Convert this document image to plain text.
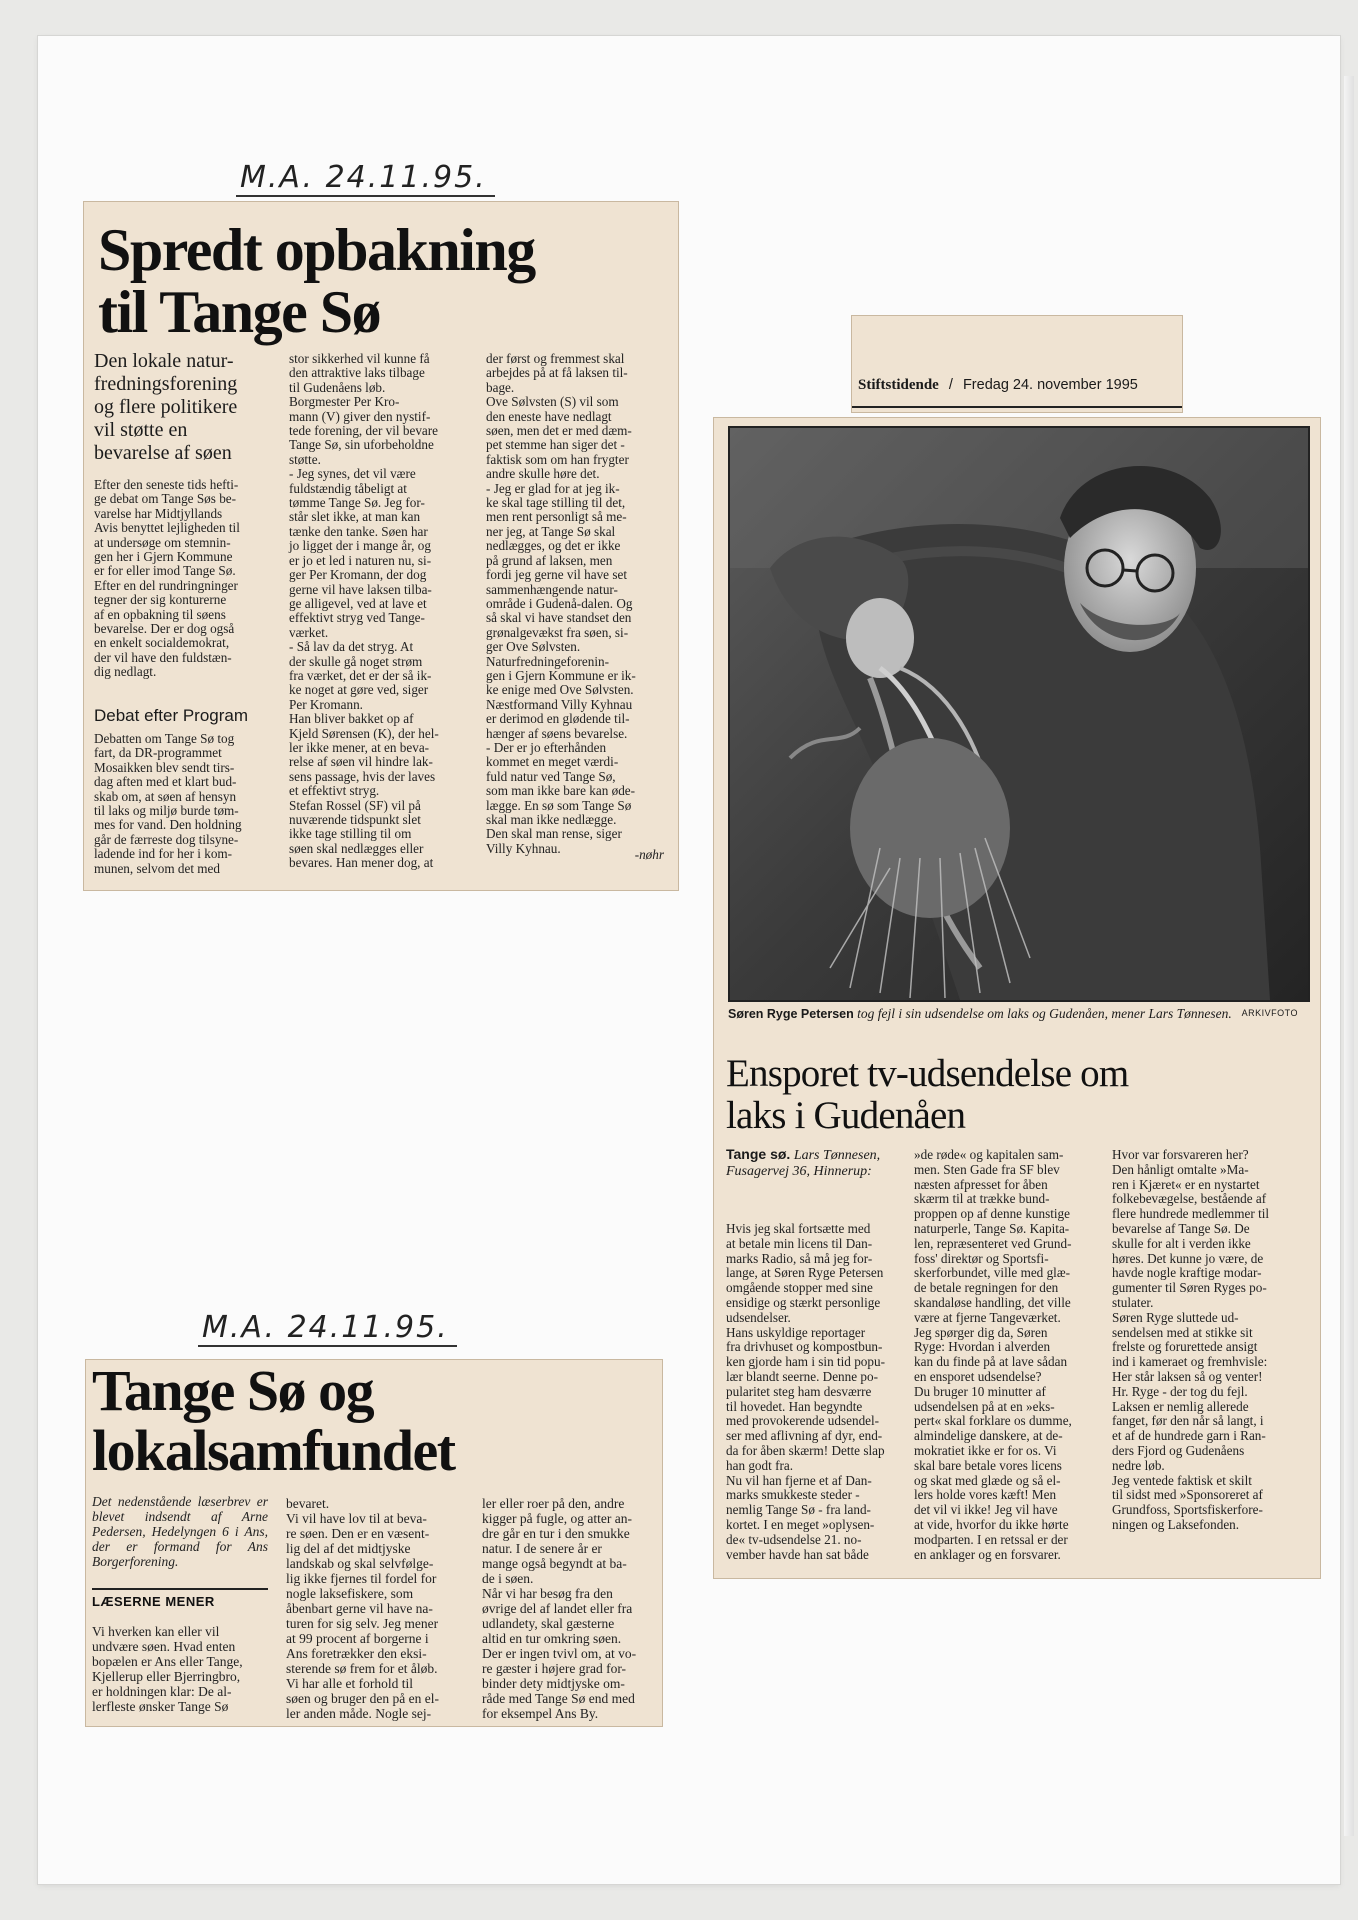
M.A. 24.11.95.
Spredt opbakning
til Tange Sø
Den lokale natur-
fredningsforening
og flere politikere
vil støtte en
bevarelse af søen
Efter den seneste tids hefti-
ge debat om Tange Søs be-
varelse har Midtjyllands
Avis benyttet lejligheden til
at undersøge om stemnin-
gen her i Gjern Kommune
er for eller imod Tange Sø.
Efter en del rundringninger
tegner der sig konturerne
af en opbakning til søens
bevarelse. Der er dog også
en enkelt socialdemokrat,
der vil have den fuldstæn-
dig nedlagt.
Debat efter Program
Debatten om Tange Sø tog
fart, da DR-programmet
Mosaikken blev sendt tirs-
dag aften med et klart bud-
skab om, at søen af hensyn
til laks og miljø burde tøm-
mes for vand. Den holdning
går de færreste dog tilsyne-
ladende ind for her i kom-
munen, selvom det med
stor sikkerhed vil kunne få
den attraktive laks tilbage
til Gudenåens løb.
Borgmester Per Kro-
mann (V) giver den nystif-
tede forening, der vil bevare
Tange Sø, sin uforbeholdne
støtte.
- Jeg synes, det vil være
fuldstændig tåbeligt at
tømme Tange Sø. Jeg for-
står slet ikke, at man kan
tænke den tanke. Søen har
jo ligget der i mange år, og
er jo et led i naturen nu, si-
ger Per Kromann, der dog
gerne vil have laksen tilba-
ge alligevel, ved at lave et
effektivt stryg ved Tange-
værket.
- Så lav da det stryg. At
der skulle gå noget strøm
fra værket, det er der så ik-
ke noget at gøre ved, siger
Per Kromann.
Han bliver bakket op af
Kjeld Sørensen (K), der hel-
ler ikke mener, at en beva-
relse af søen vil hindre lak-
sens passage, hvis der laves
et effektivt stryg.
Stefan Rossel (SF) vil på
nuværende tidspunkt slet
ikke tage stilling til om
søen skal nedlægges eller
bevares. Han mener dog, at
der først og fremmest skal
arbejdes på at få laksen til-
bage.
Ove Sølvsten (S) vil som
den eneste have nedlagt
søen, men det er med dæm-
pet stemme han siger det -
faktisk som om han frygter
andre skulle høre det.
- Jeg er glad for at jeg ik-
ke skal tage stilling til det,
men rent personligt så me-
ner jeg, at Tange Sø skal
nedlægges, og det er ikke
på grund af laksen, men
fordi jeg gerne vil have set
sammenhængende natur-
område i Gudenå-dalen. Og
så skal vi have standset den
grønalgevækst fra søen, si-
ger Ove Sølvsten.
Naturfredningeforenin-
gen i Gjern Kommune er ik-
ke enige med Ove Sølvsten.
Næstformand Villy Kyhnau
er derimod en glødende til-
hænger af søens bevarelse.
- Der er jo efterhånden
kommet en meget værdi-
fuld natur ved Tange Sø,
som man ikke bare kan øde-
lægge. En sø som Tange Sø
skal man ikke nedlægge.
Den skal man rense, siger
Villy Kyhnau.	-nøhr
Stiftstidende / Fredag 24. november 1995
Søren Ryge Petersen tog fejl i sin udsendelse om laks og Gudenåen, mener Lars Tønnesen.	ARKIVFOTO
Ensporet tv-udsendelse om
laks i Gudenåen
Tange sø. Lars Tønnesen, Fusagervej 36, Hinnerup:
Hvis jeg skal fortsætte med
at betale min licens til Dan-
marks Radio, så må jeg for-
lange, at Søren Ryge Petersen
omgående stopper med sine
ensidige og stærkt personlige
udsendelser.
Hans uskyldige reportager
fra drivhuset og kompostbun-
ken gjorde ham i sin tid popu-
lær blandt seerne. Denne po-
pularitet steg ham desværre
til hovedet. Han begyndte
med provokerende udsendel-
ser med aflivning af dyr, end-
da for åben skærm! Dette slap
han godt fra.
Nu vil han fjerne et af Dan-
marks smukkeste steder -
nemlig Tange Sø - fra land-
kortet. I en meget »oplysen-
de« tv-udsendelse 21. no-
vember havde han sat både
»de røde« og kapitalen sam-
men. Sten Gade fra SF blev
næsten afpresset for åben
skærm til at trække bund-
proppen op af denne kunstige
naturperle, Tange Sø. Kapita-
len, repræsenteret ved Grund-
foss' direktør og Sportsfi-
skerforbundet, ville med glæ-
de betale regningen for den
skandaløse handling, det ville
være at fjerne Tangeværket.
Jeg spørger dig da, Søren
Ryge: Hvordan i alverden
kan du finde på at lave sådan
en ensporet udsendelse?
Du bruger 10 minutter af
udsendelsen på at en »eks-
pert« skal forklare os dumme,
almindelige danskere, at de-
mokratiet ikke er for os. Vi
skal bare betale vores licens
og skat med glæde og så el-
lers holde vores kæft! Men
det vil vi ikke! Jeg vil have
at vide, hvorfor du ikke hørte
modparten. I en retssal er der
en anklager og en forsvarer.
Hvor var forsvareren her?
Den hånligt omtalte »Ma-
ren i Kjæret« er en nystartet
folkebevægelse, bestående af
flere hundrede medlemmer til
bevarelse af Tange Sø. De
skulle for alt i verden ikke
høres. Det kunne jo være, de
havde nogle kraftige modar-
gumenter til Søren Ryges po-
stulater.
Søren Ryge sluttede ud-
sendelsen med at stikke sit
frelste og forurettede ansigt
ind i kameraet og fremhvisle:
Her står laksen så og venter!
Hr. Ryge - der tog du fejl.
Laksen er nemlig allerede
fanget, før den når så langt, i
et af de hundrede garn i Ran-
ders Fjord og Gudenåens
nedre løb.
Jeg ventede faktisk et skilt
til sidst med »Sponsoreret af
Grundfoss, Sportsfiskerfore-
ningen og Laksefonden.
M.A. 24.11.95.
Tange Sø og
lokalsamfundet
Det nedenstående læserbrev er blevet indsendt af Arne Pedersen, Hedelyngen 6 i Ans, der er formand for Ans Borgerforening.
LÆSERNE MENER
Vi hverken kan eller vil
undvære søen. Hvad enten
bopælen er Ans eller Tange,
Kjellerup eller Bjerringbro,
er holdningen klar: De al-
lerfleste ønsker Tange Sø
bevaret.
Vi vil have lov til at beva-
re søen. Den er en væsent-
lig del af det midtjyske
landskab og skal selvfølge-
lig ikke fjernes til fordel for
nogle laksefiskere, som
åbenbart gerne vil have na-
turen for sig selv. Jeg mener
at 99 procent af borgerne i
Ans foretrækker den eksi-
sterende sø frem for et åløb.
Vi har alle et forhold til
søen og bruger den på en el-
ler anden måde. Nogle sej-
ler eller roer på den, andre
kigger på fugle, og atter an-
dre går en tur i den smukke
natur. I de senere år er
mange også begyndt at ba-
de i søen.
Når vi har besøg fra den
øvrige del af landet eller fra
udlandety, skal gæsterne
altid en tur omkring søen.
Der er ingen tvivl om, at vo-
re gæster i højere grad for-
binder dety midtjyske om-
råde med Tange Sø end med
for eksempel Ans By.
